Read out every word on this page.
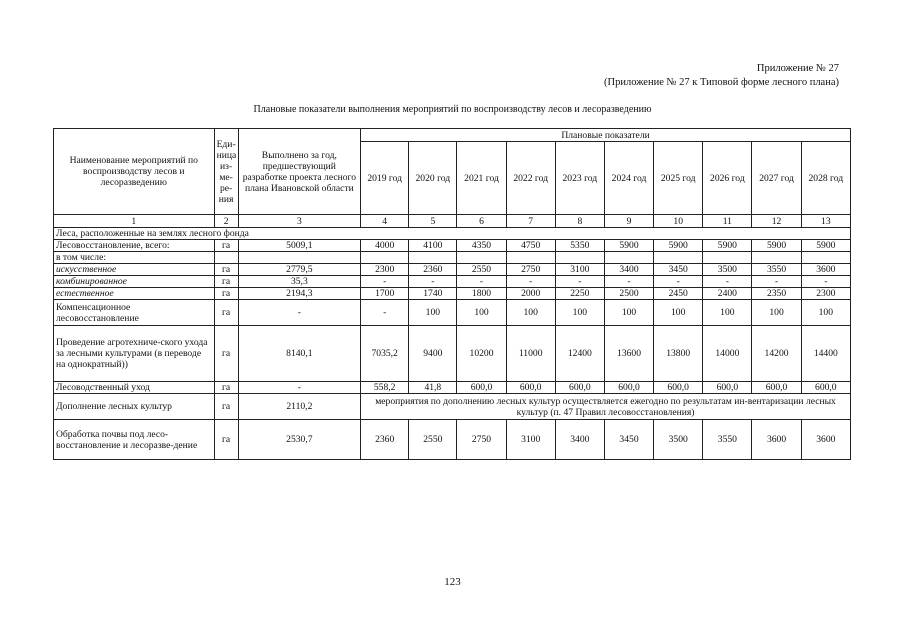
Приложение № 27
(Приложение № 27 к Типовой форме лесного плана)
Плановые показатели выполнения мероприятий по воспроизводству лесов и лесоразведению
Наименование мероприятий по воспроизводству лесов и лесоразведению	Еди-ница из-ме-ре-ния	Выполнено за год, предшествующий разработке проекта лесного плана Ивановской области	Плановые показатели									
			2019 год	2020 год	2021 год	2022 год	2023 год	2024 год	2025 год	2026 год	2027 год	2028 год
1	2	3	4	5	6	7	8	9	10	11	12	13
Леса, расположенные на землях лесного фонда												
Лесовосстановление, всего:	га	5009,1	4000	4100	4350	4750	5350	5900	5900	5900	5900	5900
в том числе:												
искусственное	га	2779,5	2300	2360	2550	2750	3100	3400	3450	3500	3550	3600
комбинированное	га	35,3	-	-	-	-	-	-	-	-	-	-
естественное	га	2194,3	1700	1740	1800	2000	2250	2500	2450	2400	2350	2300
Компенсационное лесовосстановление	га	-	-	100	100	100	100	100	100	100	100	100
Проведение агротехниче-ского ухода за лесными культурами (в переводе на однократный))	га	8140,1	7035,2	9400	10200	11000	12400	13600	13800	14000	14200	14400
Лесоводственный уход	га	-	558,2	41,8	600,0	600,0	600,0	600,0	600,0	600,0	600,0	600,0
Дополнение лесных культур	га	2110,2	мероприятия по дополнению лесных культур осуществляется ежегодно по результатам ин-вентаризации лесных культур (п. 47 Правил лесовосстановления)									
Обработка почвы под лесо-восстановление и лесоразве-дение	га	2530,7	2360	2550	2750	3100	3400	3450	3500	3550	3600	3600
123
